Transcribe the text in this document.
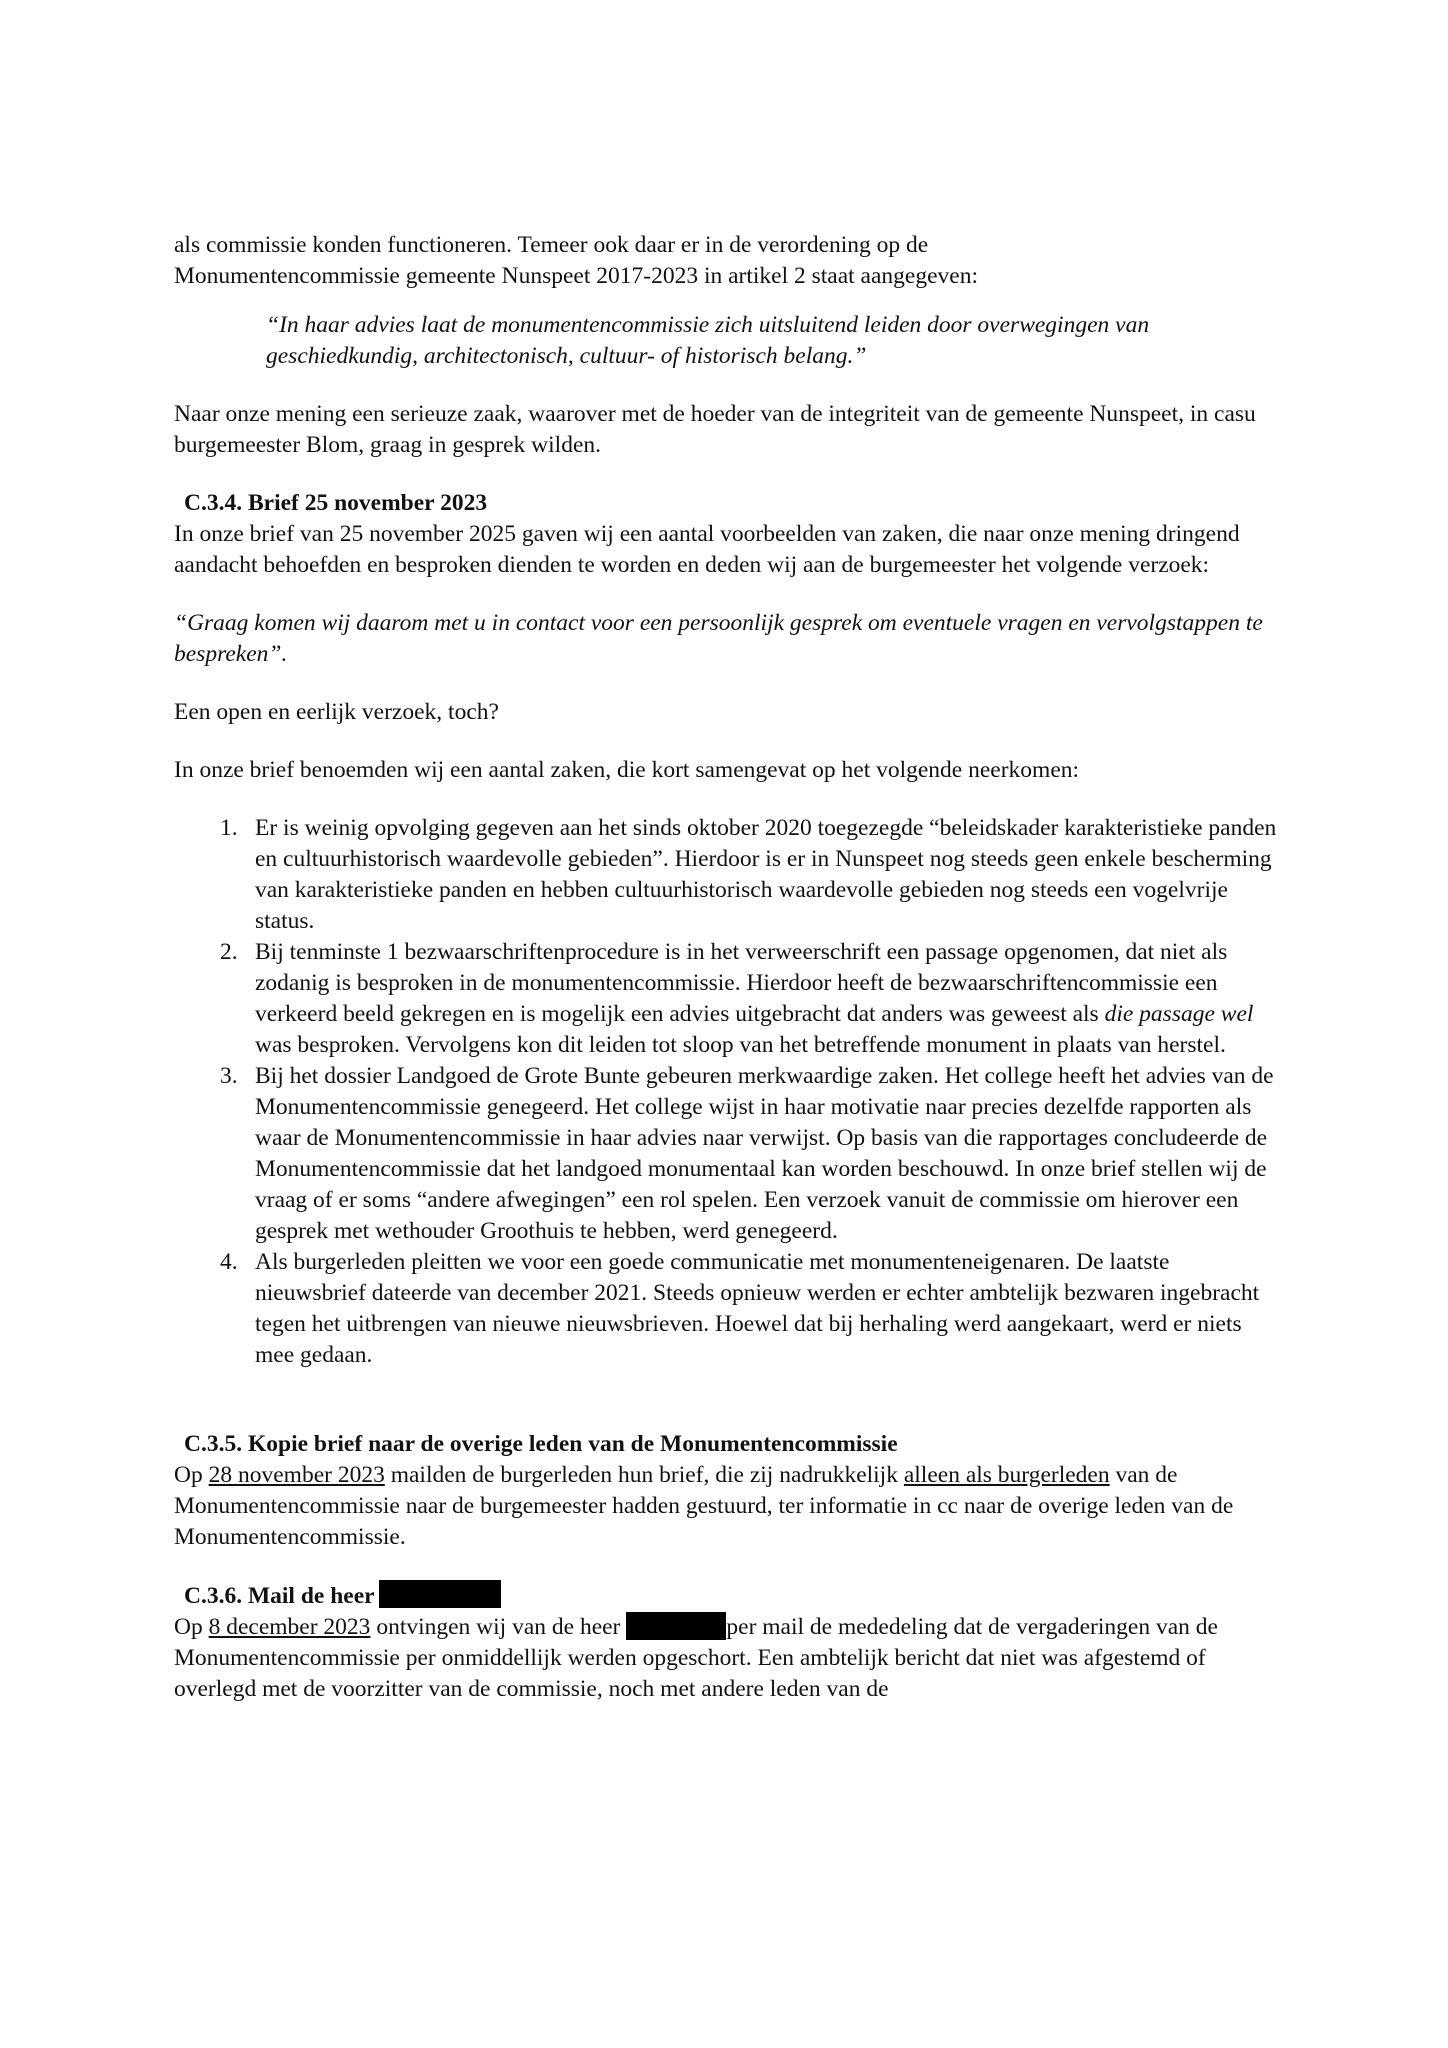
als commissie konden functioneren. Temeer ook daar er in de verordening op de
Monumentencommissie gemeente Nunspeet 2017-2023 in artikel 2 staat aangegeven:

“In haar advies laat de monumentencommissie zich uitsluitend leiden door overwegingen van geschiedkundig, architectonisch, cultuur- of historisch belang.”

Naar onze mening een serieuze zaak, waarover met de hoeder van de integriteit van de gemeente Nunspeet, in casu burgemeester Blom, graag in gesprek wilden.

C.3.4. Brief 25 november 2023

In onze brief van 25 november 2025 gaven wij een aantal voorbeelden van zaken, die naar onze mening dringend aandacht behoefden en besproken dienden te worden en deden wij aan de burgemeester het volgende verzoek:

“Graag komen wij daarom met u in contact voor een persoonlijk gesprek om eventuele vragen en vervolgstappen te bespreken”.

Een open en eerlijk verzoek, toch?

In onze brief benoemden wij een aantal zaken, die kort samengevat op het volgende neerkomen:

1. Er is weinig opvolging gegeven aan het sinds oktober 2020 toegezegde “beleidskader karakteristieke panden en cultuurhistorisch waardevolle gebieden”. Hierdoor is er in Nunspeet nog steeds geen enkele bescherming van karakteristieke panden en hebben cultuurhistorisch waardevolle gebieden nog steeds een vogelvrije status.
2. Bij tenminste 1 bezwaarschriftenprocedure is in het verweerschrift een passage opgenomen, dat niet als zodanig is besproken in de monumentencommissie. Hierdoor heeft de bezwaarschriftencommissie een verkeerd beeld gekregen en is mogelijk een advies uitgebracht dat anders was geweest als die passage wel was besproken. Vervolgens kon dit leiden tot sloop van het betreffende monument in plaats van herstel.
3. Bij het dossier Landgoed de Grote Bunte gebeuren merkwaardige zaken. Het college heeft het advies van de Monumentencommissie genegeerd. Het college wijst in haar motivatie naar precies dezelfde rapporten als waar de Monumentencommissie in haar advies naar verwijst. Op basis van die rapportages concludeerde de Monumentencommissie dat het landgoed monumentaal kan worden beschouwd. In onze brief stellen wij de vraag of er soms “andere afwegingen” een rol spelen. Een verzoek vanuit de commissie om hierover een gesprek met wethouder Groothuis te hebben, werd genegeerd.
4. Als burgerleden pleitten we voor een goede communicatie met monumenteneigenaren. De laatste nieuwsbrief dateerde van december 2021. Steeds opnieuw werden er echter ambtelijk bezwaren ingebracht tegen het uitbrengen van nieuwe nieuwsbrieven. Hoewel dat bij herhaling werd aangekaart, werd er niets mee gedaan.

C.3.5. Kopie brief naar de overige leden van de Monumentencommissie

Op 28 november 2023 mailden de burgerleden hun brief, die zij nadrukkelijk alleen als burgerleden van de Monumentencommissie naar de burgemeester hadden gestuurd, ter informatie in cc naar de overige leden van de Monumentencommissie.

C.3.6. Mail de heer

Op 8 december 2023 ontvingen wij van de heer	per mail de mededeling dat de vergaderingen van de Monumentencommissie per onmiddellijk werden opgeschort. Een ambtelijk bericht dat niet was afgestemd of overlegd met de voorzitter van de commissie, noch met andere leden van de
